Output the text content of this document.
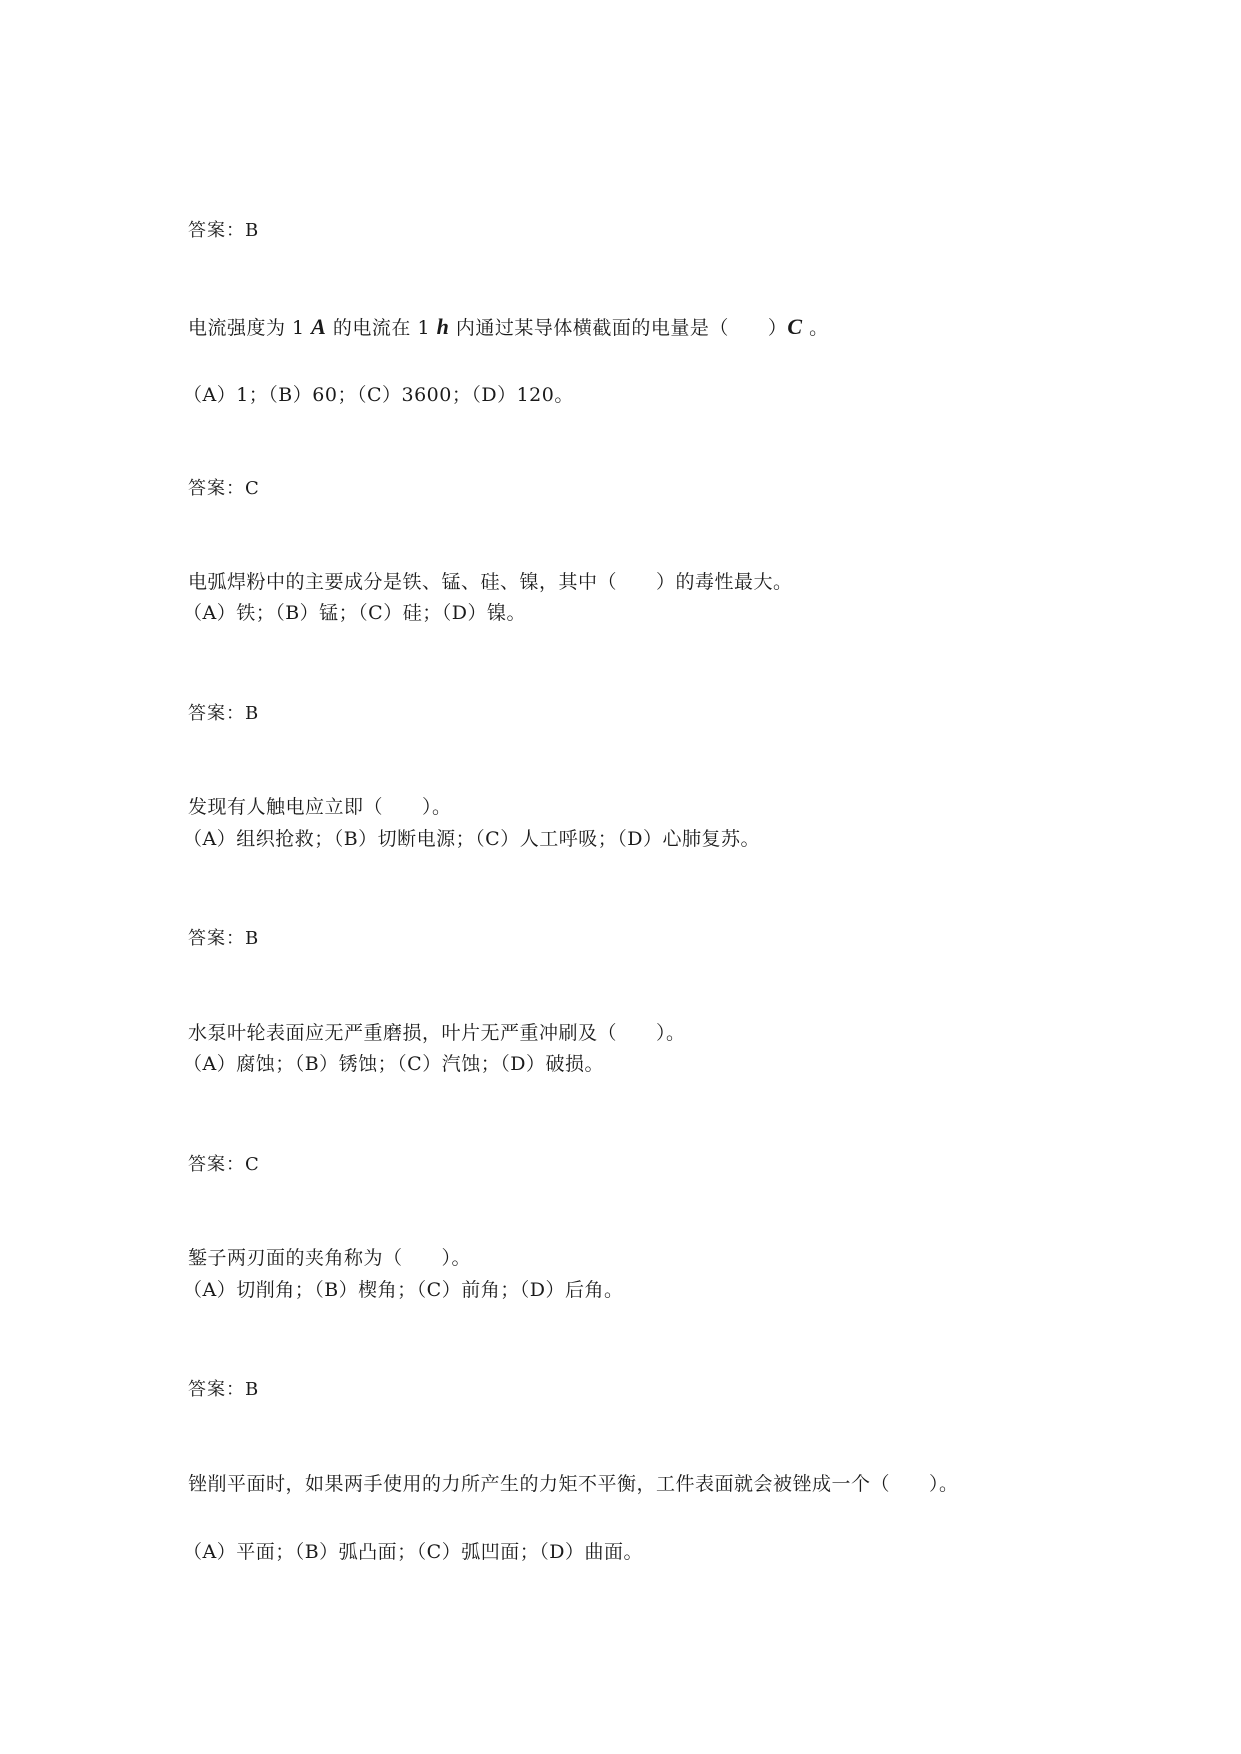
答案：B
电流强度为 1 A 的电流在 1 h 内通过某导体横截面的电量是（　　）C 。
（A）1；（B）60；（C）3600；（D）120。
答案：C
电弧焊粉中的主要成分是铁、锰、硅、镍，其中（　　）的毒性最大。
（A）铁；（B）锰；（C）硅；（D）镍。
答案：B
发现有人触电应立即（　　）。
（A）组织抢救；（B）切断电源；（C）人工呼吸；（D）心肺复苏。
答案：B
水泵叶轮表面应无严重磨损，叶片无严重冲刷及（　　）。
（A）腐蚀；（B）锈蚀；（C）汽蚀；（D）破损。
答案：C
錾子两刃面的夹角称为（　　）。
（A）切削角；（B）楔角；（C）前角；（D）后角。
答案：B
锉削平面时，如果两手使用的力所产生的力矩不平衡，工件表面就会被锉成一个（　　）。
（A）平面；（B）弧凸面；（C）弧凹面；（D）曲面。
